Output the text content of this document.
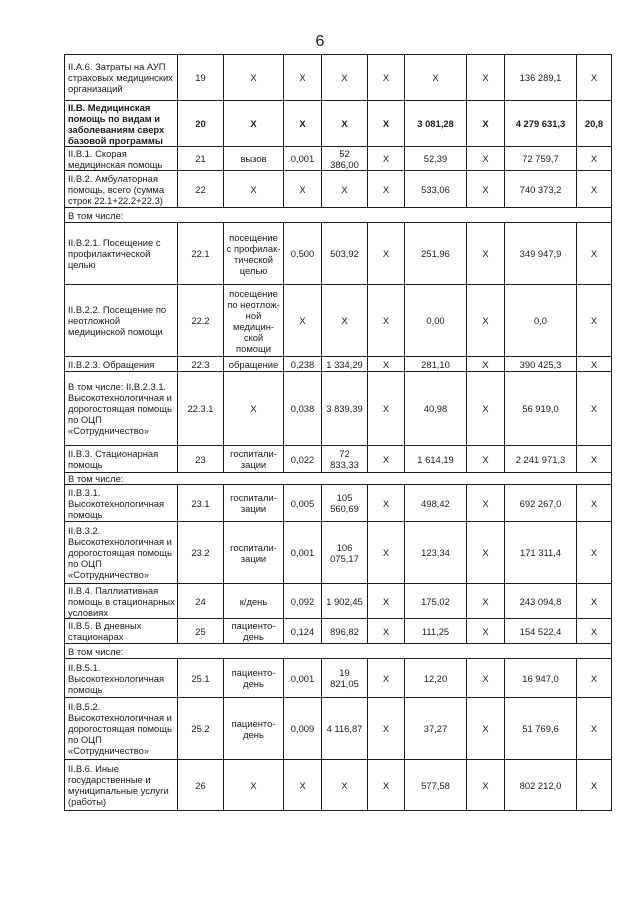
6
II.А.6. Затраты на АУП страховых медицинских организаций	19	Х	Х	Х	Х	Х	Х	136 289,1	Х
II.В. Медицинская помощь по видам и заболеваниям сверх базовой программы	20	Х	Х	Х	Х	3 081,28	Х	4 279 631,3	20,8
II.В.1. Скорая медицинская помощь	21	вызов	0,001	52 386,00	Х	52,39	Х	72 759,7	Х
II.В.2. Амбулаторная помощь, всего (сумма строк 22.1+22.2+22.3)	22	Х	Х	Х	Х	533,06	Х	740 373,2	Х
В том числе:									
II.В.2.1. Посещение с профилактической целью	22.1	посещение с профилак-тической целью	0,500	503,92	Х	251,96	Х	349 947,9	Х
II.В.2.2. Посещение по неотложной медицинской помощи	22.2	посещение по неотлож-ной медицин-ской помощи	Х	Х	Х	0,00	Х	0,0	Х
II.В.2.3. Обращения	22.3	обращение	0,238	1 334,29	Х	281,10	Х	390 425,3	Х
В том числе: II.В.2.3.1. Высокотехнологичная и дорогостоящая помощь по ОЦП «Сотрудничество»	22.3.1	Х	0,038	3 839,39	Х	40,98	Х	56 919,0	Х
II.В.3. Стационарная помощь	23	госпитали-зации	0,022	72 833,33	Х	1 614,19	Х	2 241 971,3	Х
В том числе:									
II.В.3.1. Высокотехнологичная помощь	23.1	госпитали-зации	0,005	105 560,69	Х	498,42	Х	692 267,0	Х
II.В.3.2. Высокотехнологичная и дорогостоящая помощь по ОЦП «Сотрудничество»	23.2	госпитали-зации	0,001	106 075,17	Х	123,34	Х	171 311,4	Х
II.В.4. Паллиативная помощь в стационарных условиях	24	к/день	0,092	1 902,45	Х	175,02	Х	243 094,8	Х
II.В.5. В дневных стационарах	25	пациенто-день	0,124	896,82	Х	111,25	Х	154 522,4	Х
В том числе:									
II.В.5.1. Высокотехнологичная помощь	25.1	пациенто-день	0,001	19 821,05	Х	12,20	Х	16 947,0	Х
II.В.5.2. Высокотехнологичная и дорогостоящая помощь по ОЦП «Сотрудничество»	25.2	пациенто-день	0,009	4 116,87	Х	37,27	Х	51 769,6	Х
II.В.6. Иные государственные и муниципальные услуги (работы)	26	Х	Х	Х	Х	577,58	Х	802 212,0	Х
